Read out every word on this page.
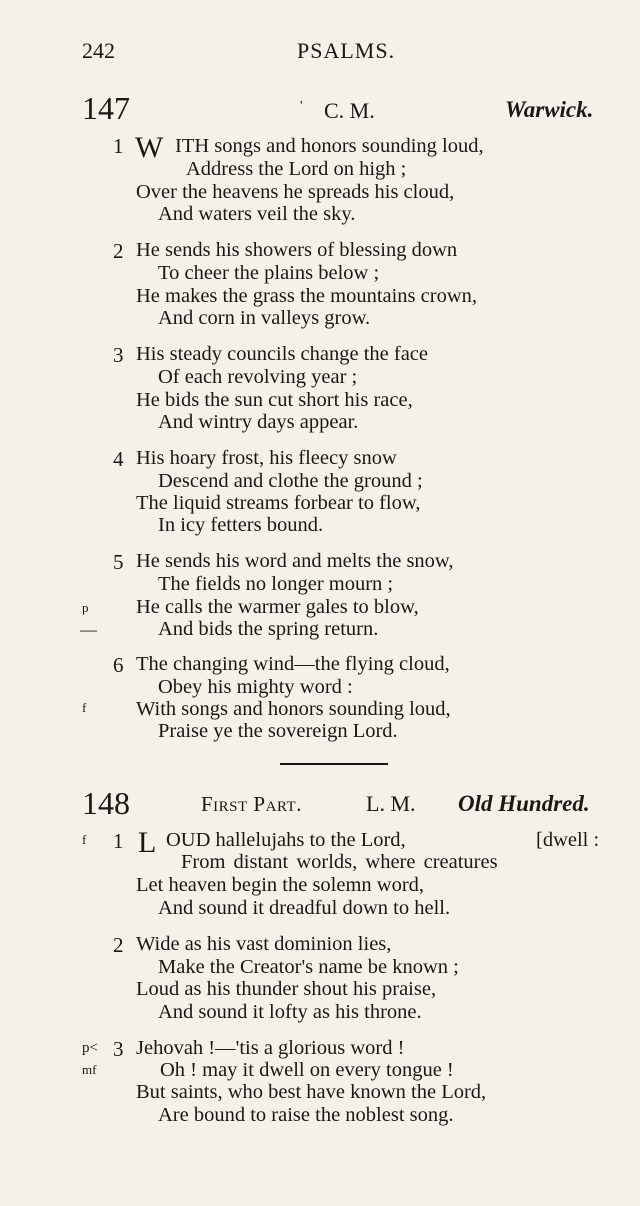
242	PSALMS.
147	' C. M.	Warwick.
1 W ITH songs and honors sounding loud,
Address the Lord on high ;
Over the heavens he spreads his cloud,
And waters veil the sky.
2 He sends his showers of blessing down
To cheer the plains below ;
He makes the grass the mountains crown,
And corn in valleys grow.
3 His steady councils change the face
Of each revolving year ;
He bids the sun cut short his race,
And wintry days appear.
4 His hoary frost, his fleecy snow
Descend and clothe the ground ;
The liquid streams forbear to flow,
In icy fetters bound.
5 He sends his word and melts the snow,
The fields no longer mourn ;
p He calls the warmer gales to blow,
—	And bids the spring return.
6 The changing wind—the flying cloud,
Obey his mighty word :
f With songs and honors sounding loud,
Praise ye the sovereign Lord.
148	First Part.	L. M. Old Hundred.
f 1 L OUD hallelujahs to the Lord,	[dwell :
From distant worlds, where creatures
Let heaven begin the solemn word,
And sound it dreadful down to hell.
2 Wide as his vast dominion lies,
Make the Creator's name be known ;
Loud as his thunder shout his praise,
And sound it lofty as his throne.
p< 3 Jehovah !—'tis a glorious word !
mf	Oh ! may it dwell on every tongue !
But saints, who best have known the Lord,
Are bound to raise the noblest song.
